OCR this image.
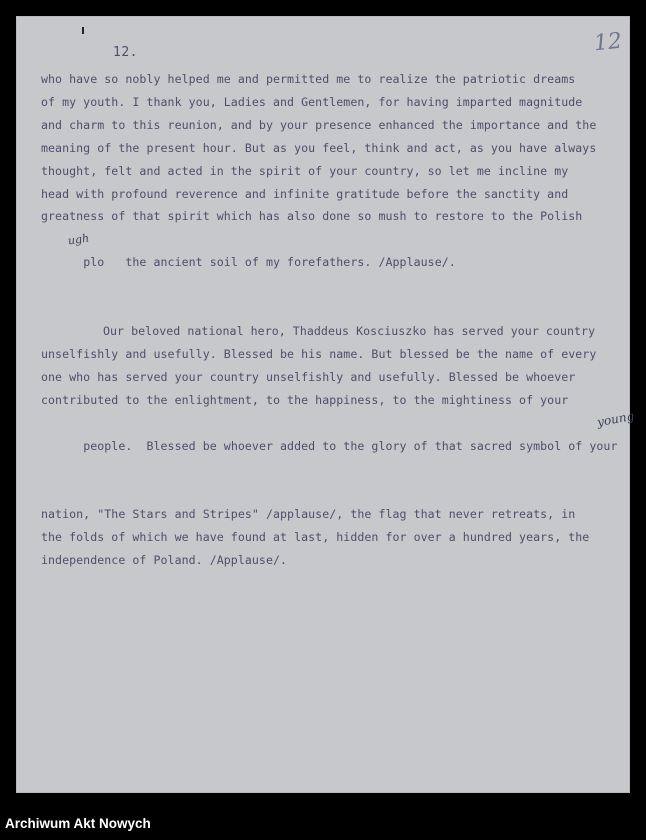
12.	12
who have so nobly helped me and permitted me to realize the patriotic dreams
of my youth. I thank you, Ladies and Gentlemen, for having imparted magnitude
and charm to this reunion, and by your presence enhanced the importance and the
meaning of the present hour. But as you feel, think and act, as you have always
thought, felt and acted in the spirit of your country, so let me incline my
head with profound reverence and infinite gratitude before the sanctity and
greatness of that spirit which has also done so mush to restore to the Polish

plo   the ancient soil of my forefathers. /Applause/.

ugh

Our beloved national hero, Thaddeus Kosciuszko has served your country
unselfishly and usefully. Blessed be his name. But blessed be the name of every
one who has served your country unselfishly and usefully. Blessed be whoever
contributed to the enlightment, to the happiness, to the mightiness of your

people.  Blessed be whoever added to the glory of that sacred symbol of your

young

nation, "The Stars and Stripes" /applause/, the flag that never retreats, in
the folds of which we have found at last, hidden for over a hundred years, the
independence of Poland. /Applause/.
Archiwum Akt Nowych
